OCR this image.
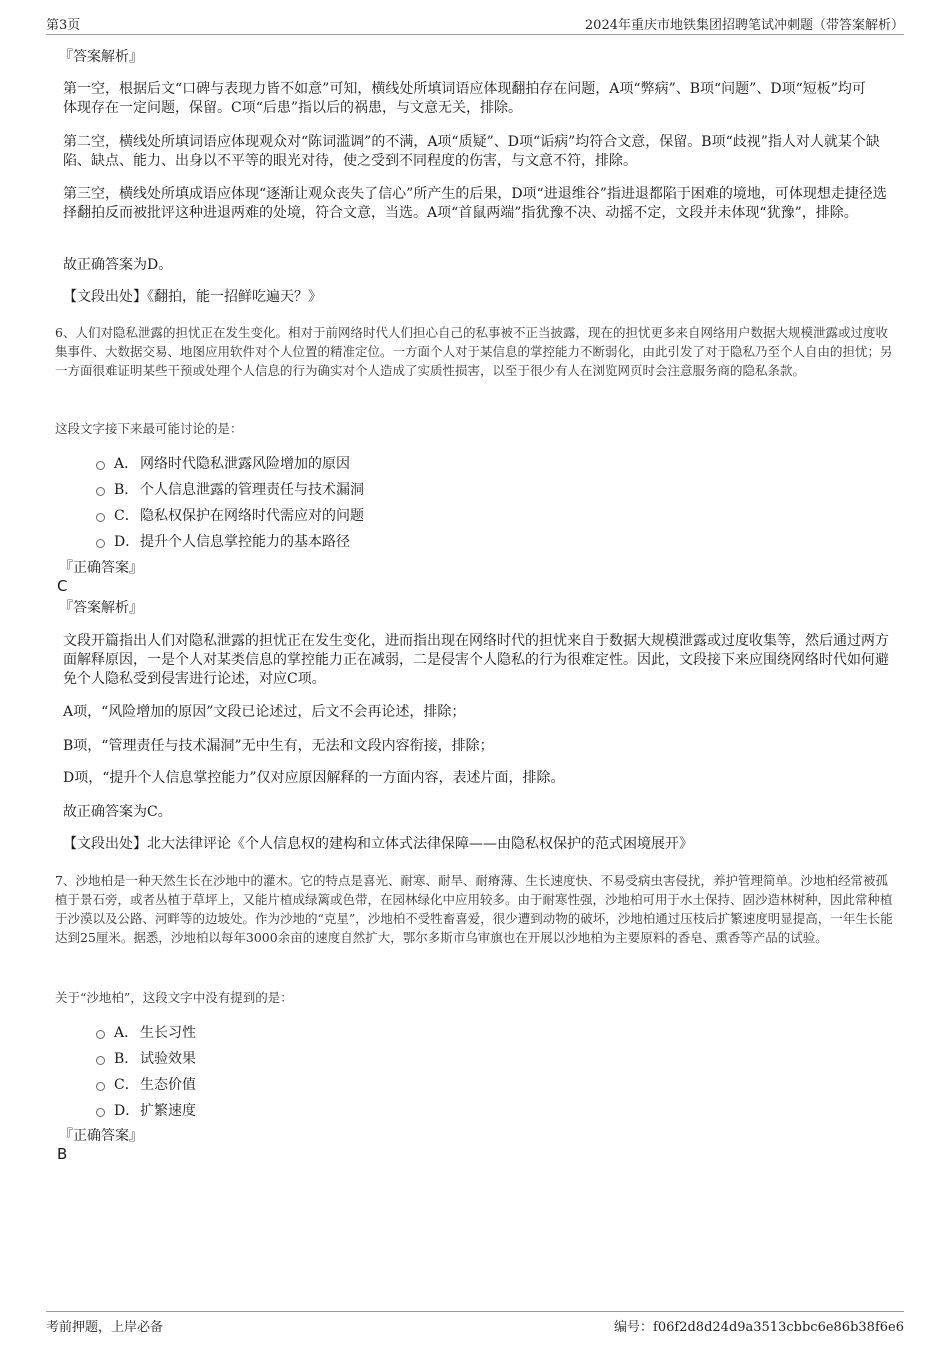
第3页	2024年重庆市地铁集团招聘笔试冲刺题（带答案解析）
『答案解析』
第一空，根据后文“口碑与表现力皆不如意”可知，横线处所填词语应体现翻拍存在问题，A项“弊病”、B项“问题”、D项“短板”均可体现存在一定问题，保留。C项“后患”指以后的祸患，与文意无关，排除。
第二空，横线处所填词语应体现观众对“陈词滥调”的不满，A项“质疑”、D项“诟病”均符合文意，保留。B项“歧视”指人对人就某个缺陷、缺点、能力、出身以不平等的眼光对待，使之受到不同程度的伤害，与文意不符，排除。
第三空，横线处所填成语应体现“逐渐让观众丧失了信心”所产生的后果，D项“进退维谷”指进退都陷于困难的境地，可体现想走捷径选择翻拍反而被批评这种进退两难的处境，符合文意，当选。A项“首鼠两端”指犹豫不决、动摇不定，文段并未体现“犹豫”，排除。
故正确答案为D。
【文段出处】《翻拍，能一招鲜吃遍天？》
6、人们对隐私泄露的担忧正在发生变化。相对于前网络时代人们担心自己的私事被不正当披露，现在的担忧更多来自网络用户数据大规模泄露或过度收集事件、大数据交易、地图应用软件对个人位置的精准定位。一方面个人对于某信息的掌控能力不断弱化，由此引发了对于隐私乃至个人自由的担忧；另一方面很难证明某些干预或处理个人信息的行为确实对个人造成了实质性损害，以至于很少有人在浏览网页时会注意服务商的隐私条款。
这段文字接下来最可能讨论的是：
A． 网络时代隐私泄露风险增加的原因
B． 个人信息泄露的管理责任与技术漏洞
C． 隐私权保护在网络时代需应对的问题
D． 提升个人信息掌控能力的基本路径
『正确答案』
C
『答案解析』
文段开篇指出人们对隐私泄露的担忧正在发生变化，进而指出现在网络时代的担忧来自于数据大规模泄露或过度收集等，然后通过两方面解释原因，一是个人对某类信息的掌控能力正在减弱，二是侵害个人隐私的行为很难定性。因此，文段接下来应围绕网络时代如何避免个人隐私受到侵害进行论述，对应C项。
A项，“风险增加的原因”文段已论述过，后文不会再论述，排除；
B项，“管理责任与技术漏洞”无中生有，无法和文段内容衔接，排除；
D项，“提升个人信息掌控能力”仅对应原因解释的一方面内容，表述片面，排除。
故正确答案为C。
【文段出处】北大法律评论《个人信息权的建构和立体式法律保障——由隐私权保护的范式困境展开》
7、沙地柏是一种天然生长在沙地中的灌木。它的特点是喜光、耐寒、耐旱、耐瘠薄、生长速度快、不易受病虫害侵扰，养护管理简单。沙地柏经常被孤植于景石旁，或者丛植于草坪上，又能片植成绿篱或色带，在园林绿化中应用较多。由于耐寒性强，沙地柏可用于水土保持、固沙造林树种，因此常种植于沙漠以及公路、河畔等的边坡处。作为沙地的“克星”，沙地柏不受牲畜喜爱，很少遭到动物的破坏，沙地柏通过压枝后扩繁速度明显提高，一年生长能达到25厘米。据悉，沙地柏以每年3000余亩的速度自然扩大，鄂尔多斯市乌审旗也在开展以沙地柏为主要原料的香皂、熏香等产品的试验。
关于“沙地柏”，这段文字中没有提到的是：
A． 生长习性
B． 试验效果
C． 生态价值
D． 扩繁速度
『正确答案』
B
考前押题，上岸必备	编号：f06f2d8d24d9a3513cbbc6e86b38f6e6
